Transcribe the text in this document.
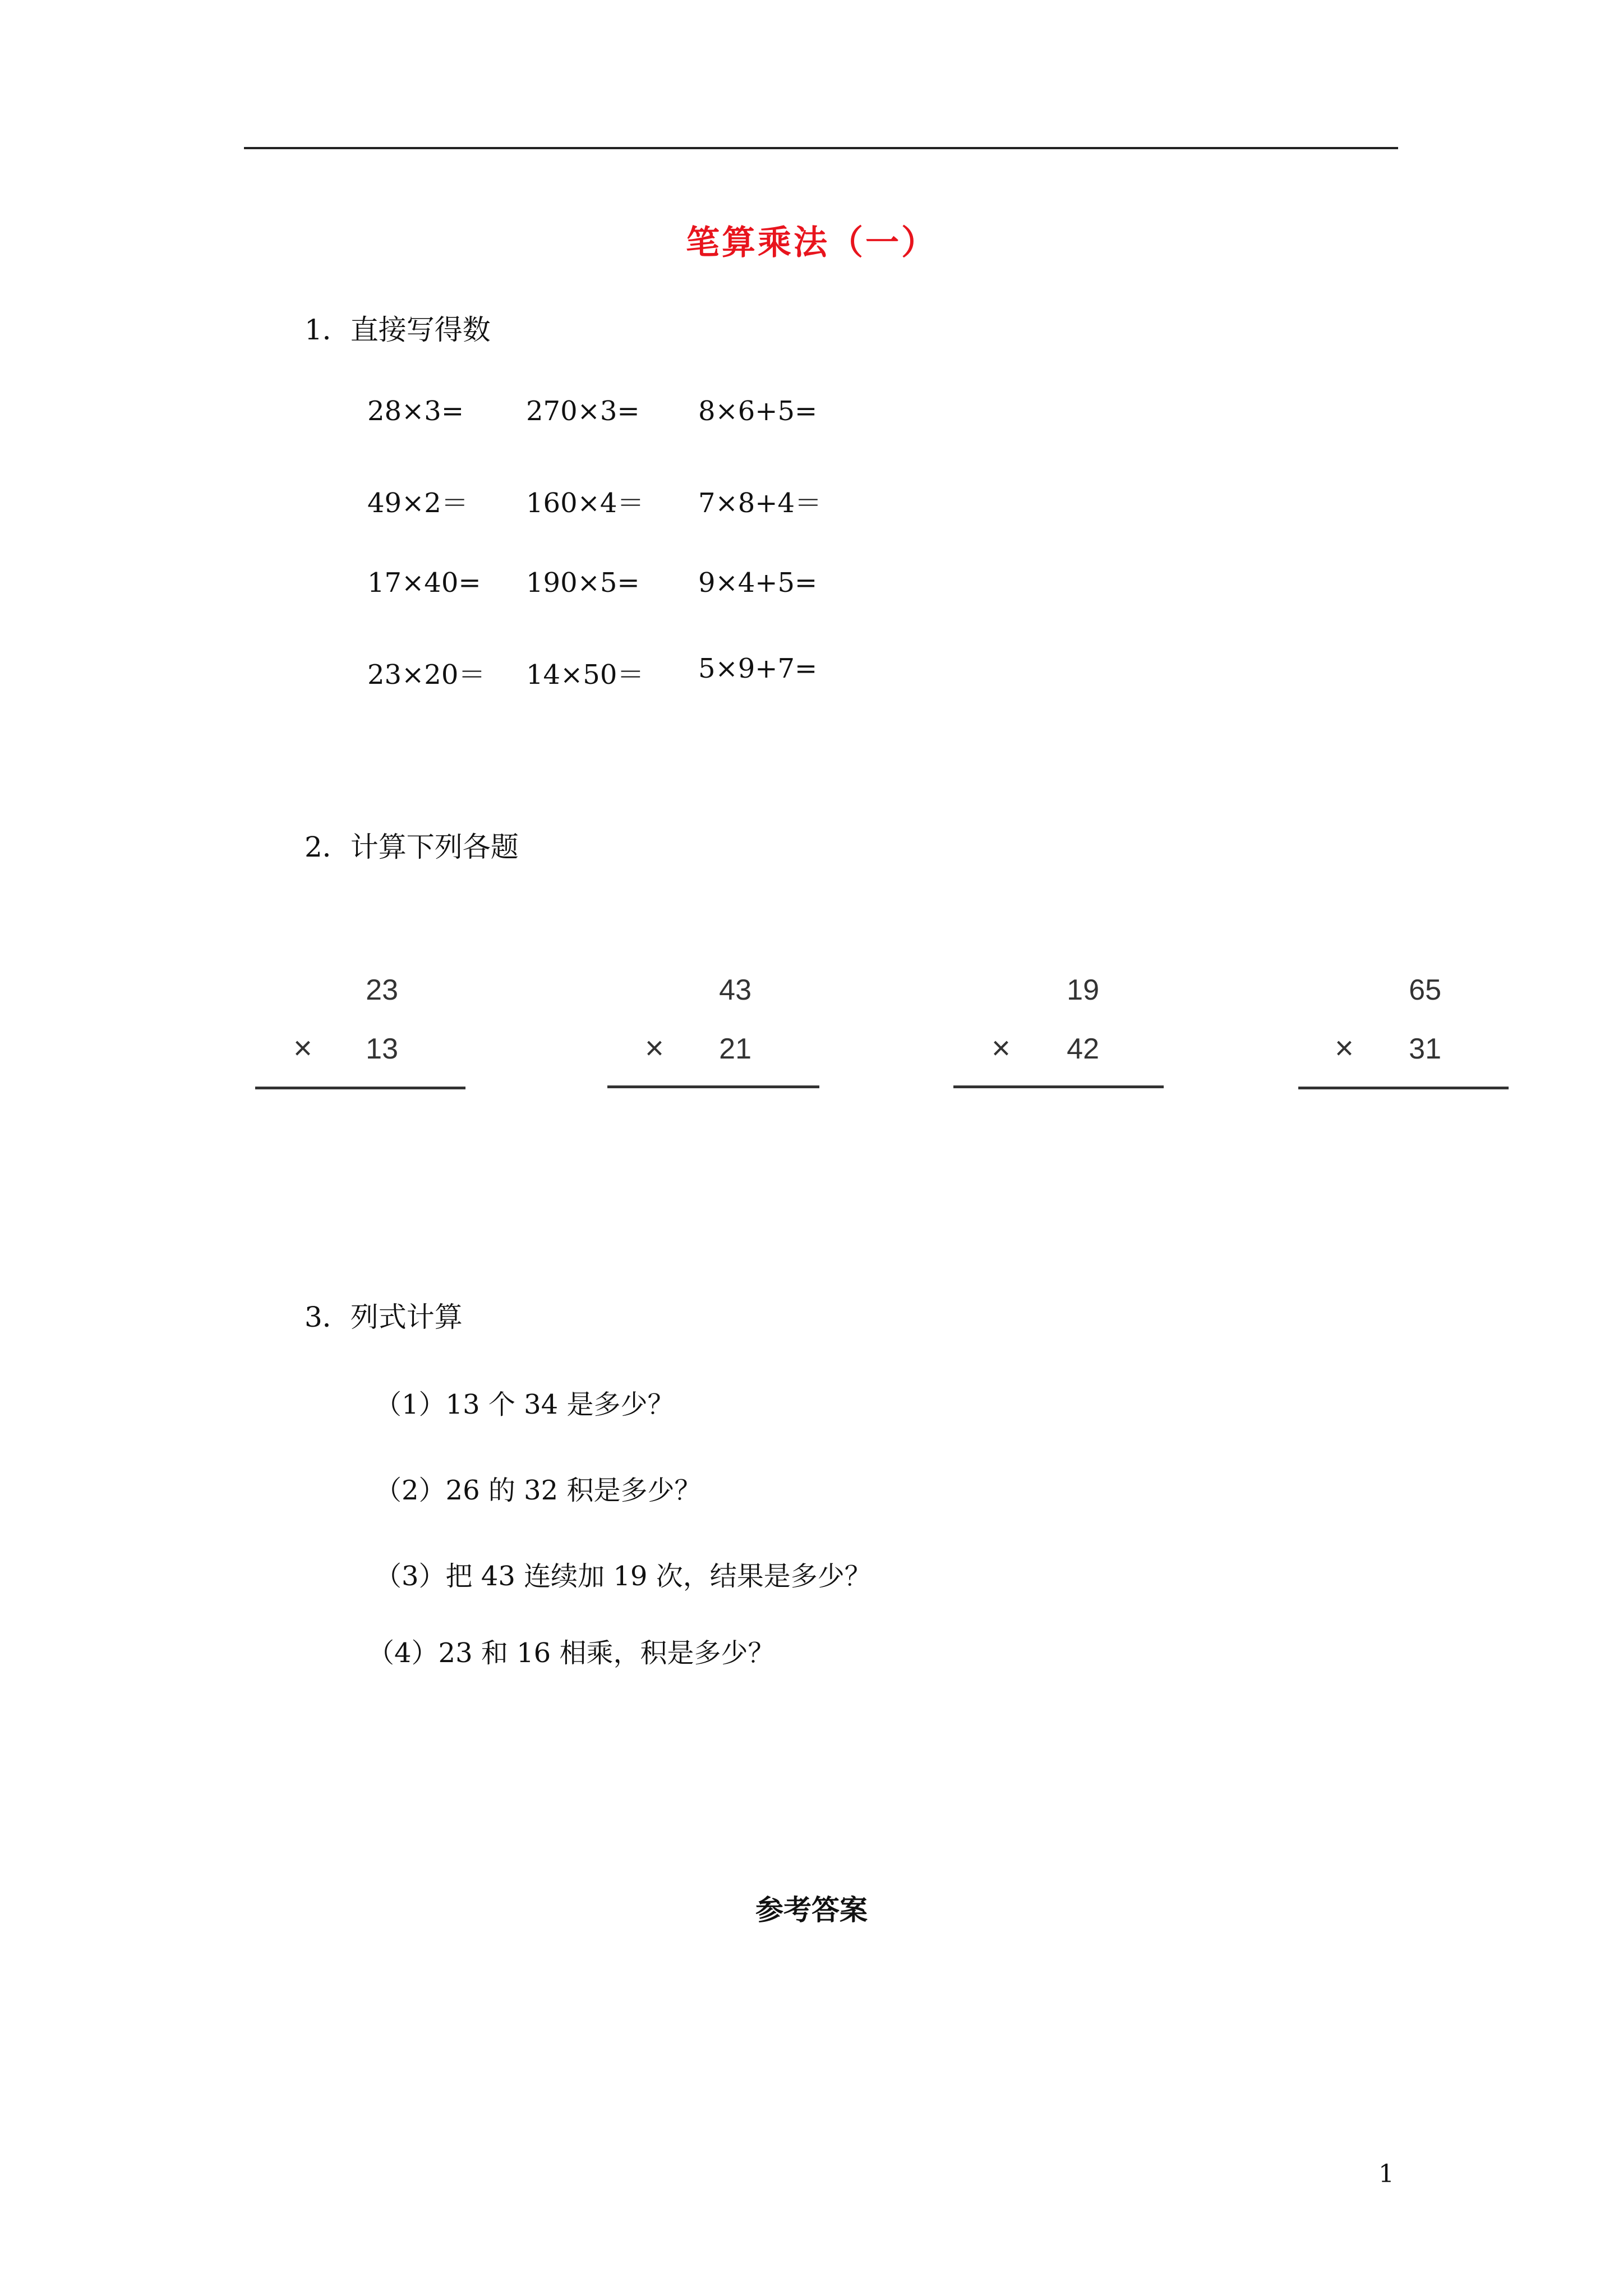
笔算乘法（一）
1．直接写得数
28×3= 270×3= 8×6+5=
49×2＝ 160×4＝ 7×8+4＝
17×40= 190×5= 9×4+5=
23×20＝ 14×50＝ 5×9+7=
2．计算下列各题
23
×	13
43
×	21
19
×	42
65
×	31
3．列式计算
（1）13 个 34 是多少？
（2）26 的 32 积是多少？
（3）把 43 连续加 19 次，结果是多少？
（4）23 和 16 相乘，积是多少？
参考答案
1
